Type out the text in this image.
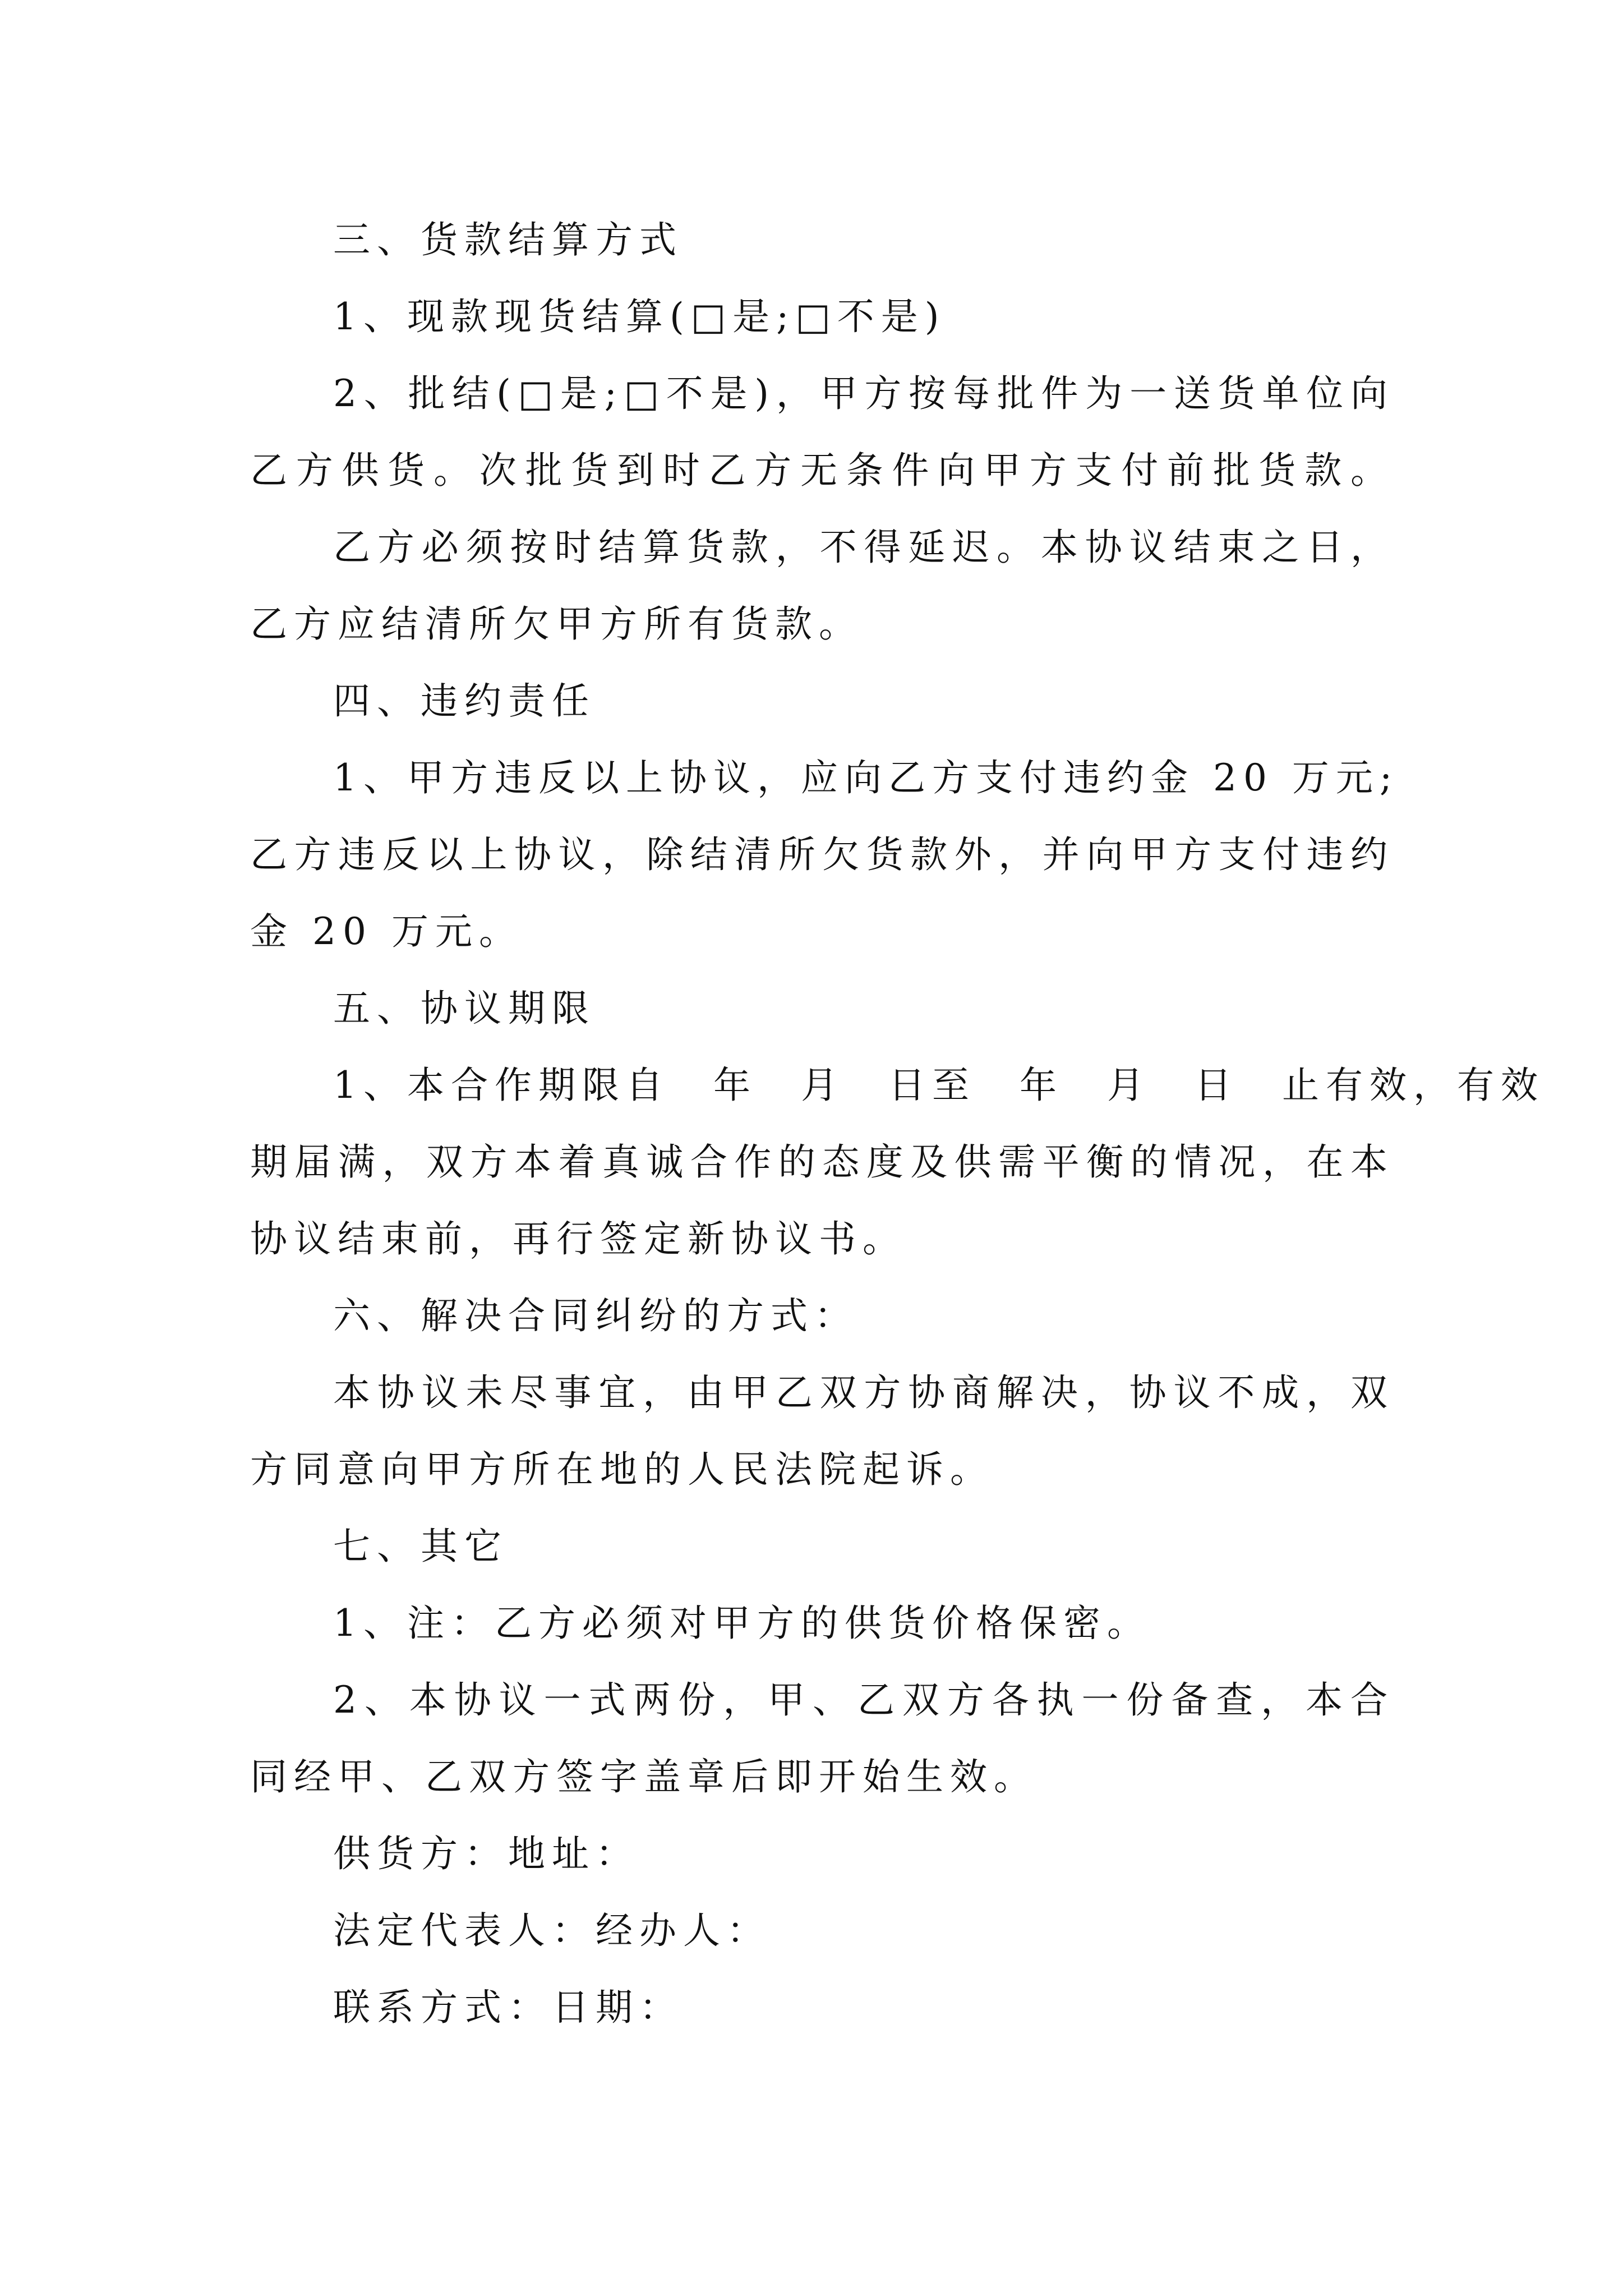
三、货款结算方式
1、现款现货结算(□是;□不是)
2、批结(□是;□不是)，甲方按每批件为一送货单位向
乙方供货。次批货到时乙方无条件向甲方支付前批货款。
乙方必须按时结算货款，不得延迟。本协议结束之日，
乙方应结清所欠甲方所有货款。
四、违约责任
1、甲方违反以上协议，应向乙方支付违约金 20 万元;
乙方违反以上协议，除结清所欠货款外，并向甲方支付违约
金 20 万元。
五、协议期限
1、本合作期限自　年　月　日至　年　月　日　止有效，有效
期届满，双方本着真诚合作的态度及供需平衡的情况，在本
协议结束前，再行签定新协议书。
六、解决合同纠纷的方式：
本协议未尽事宜，由甲乙双方协商解决，协议不成，双
方同意向甲方所在地的人民法院起诉。
七、其它
1、注：乙方必须对甲方的供货价格保密。
2、本协议一式两份，甲、乙双方各执一份备查，本合
同经甲、乙双方签字盖章后即开始生效。
供货方：地址：
法定代表人：经办人：
联系方式：日期：
